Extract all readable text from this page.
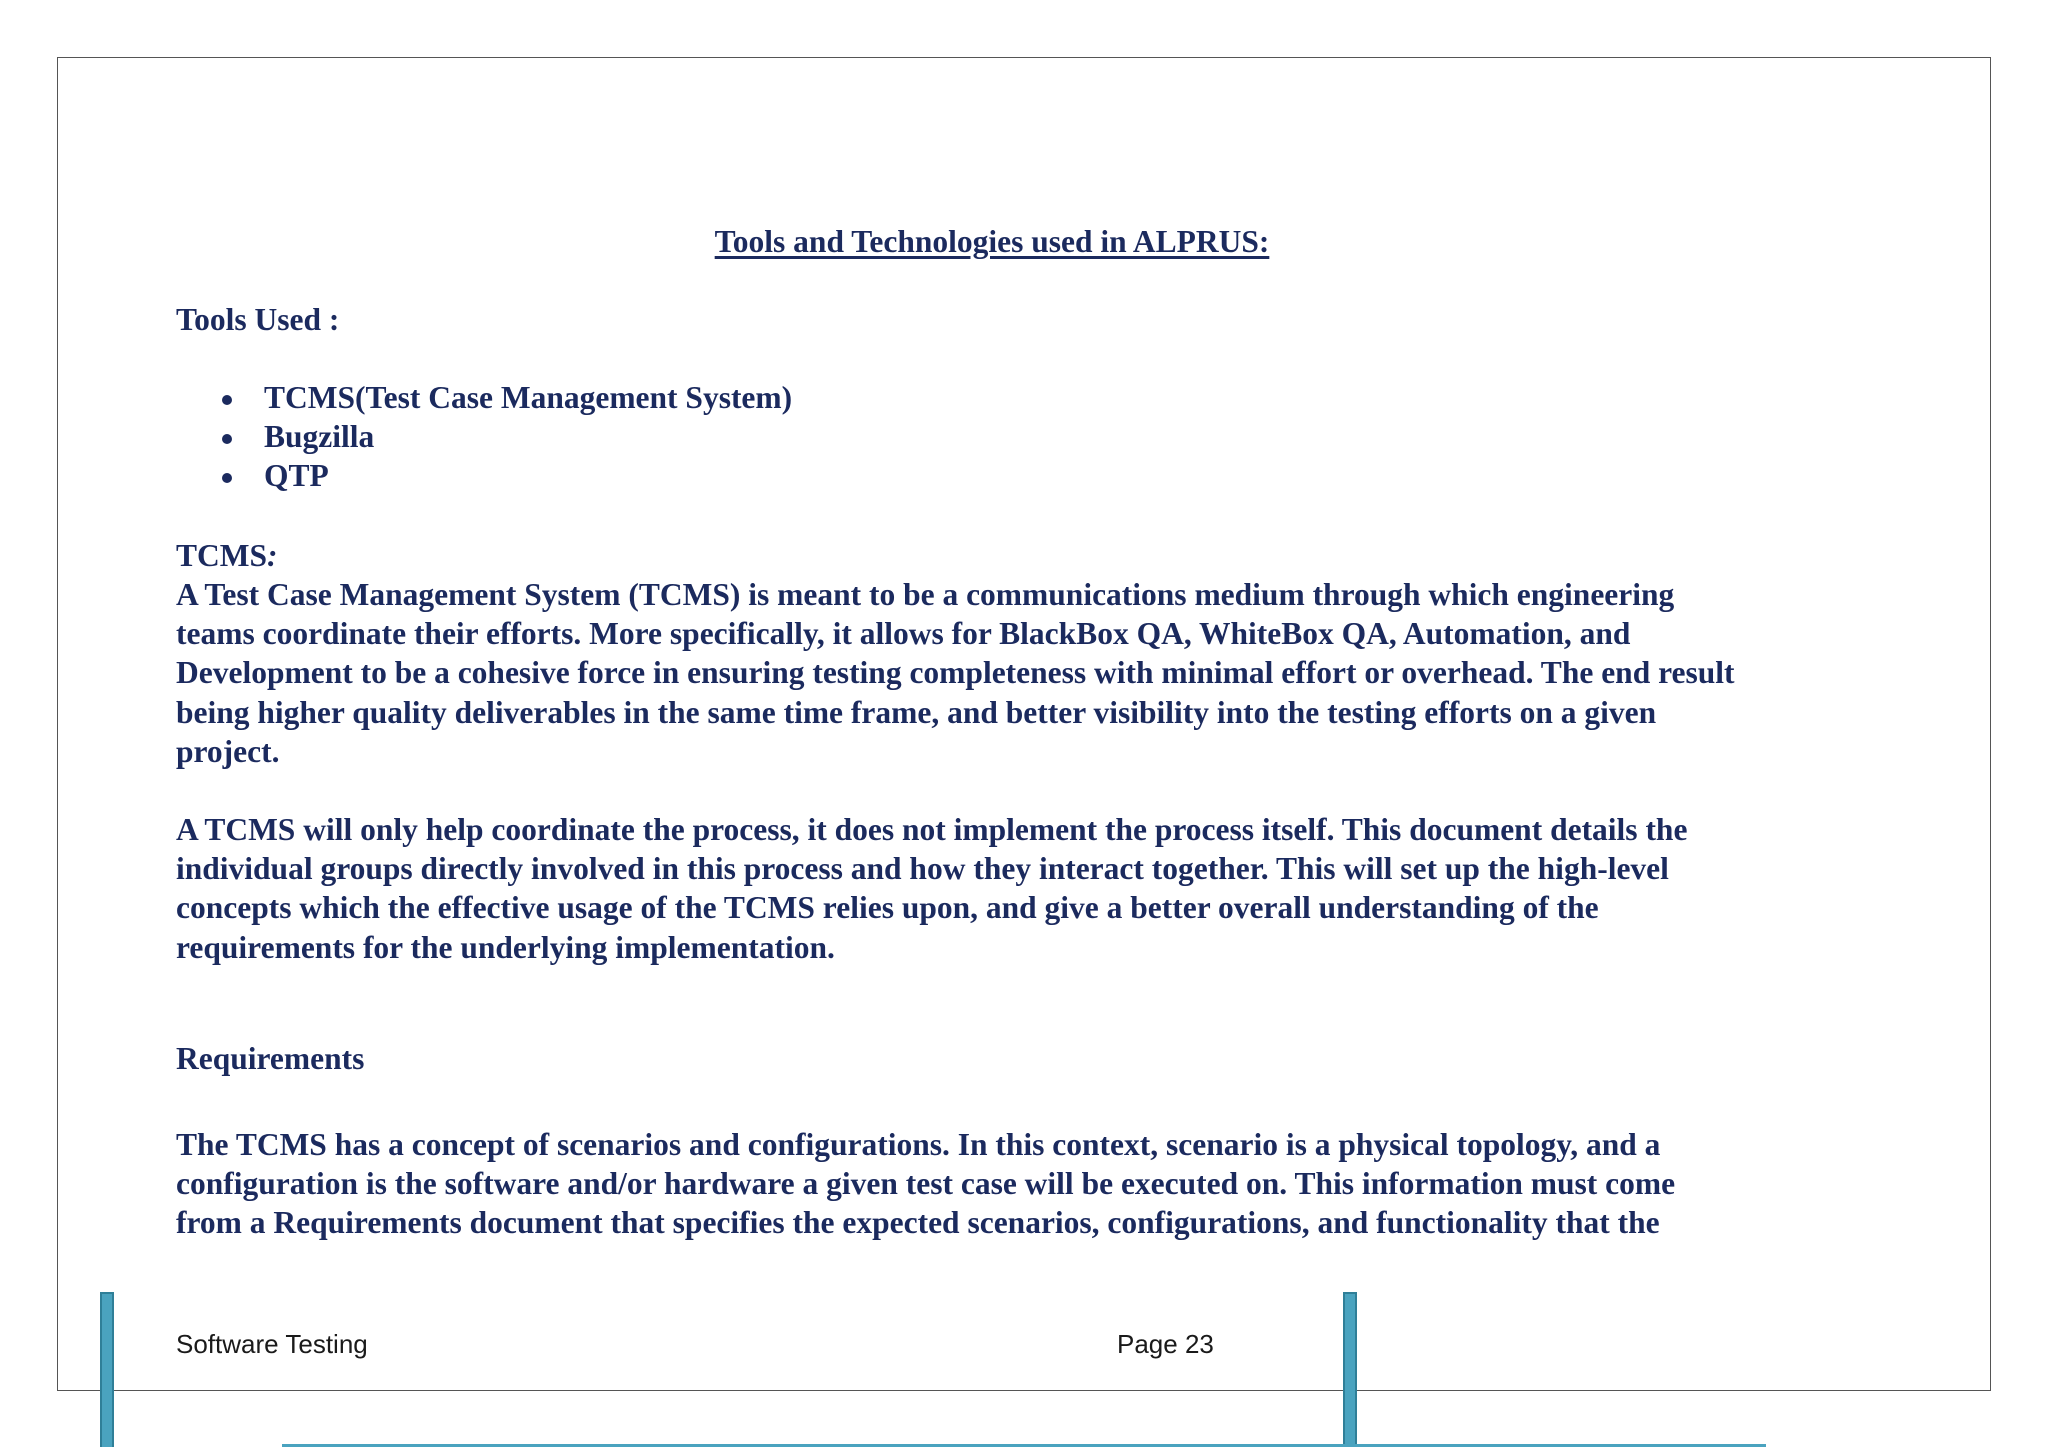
Tools and Technologies used in ALPRUS:
Tools Used :
TCMS(Test Case Management System)
Bugzilla
QTP
TCMS:

A Test Case Management System (TCMS) is meant to be a communications medium through which engineering
teams coordinate their efforts. More specifically, it allows for BlackBox QA, WhiteBox QA, Automation, and
Development to be a cohesive force in ensuring testing completeness with minimal effort or overhead. The end result
being higher quality deliverables in the same time frame, and better visibility into the testing efforts on a given
project.

A TCMS will only help coordinate the process, it does not implement the process itself. This document details the
individual groups directly involved in this process and how they interact together. This will set up the high-level
concepts which the effective usage of the TCMS relies upon, and give a better overall understanding of the
requirements for the underlying implementation.

Requirements

The TCMS has a concept of scenarios and configurations. In this context, scenario is a physical topology, and a
configuration is the software and/or hardware a given test case will be executed on. This information must come
from a Requirements document that specifies the expected scenarios, configurations, and functionality that the

Software Testing	Page 23
